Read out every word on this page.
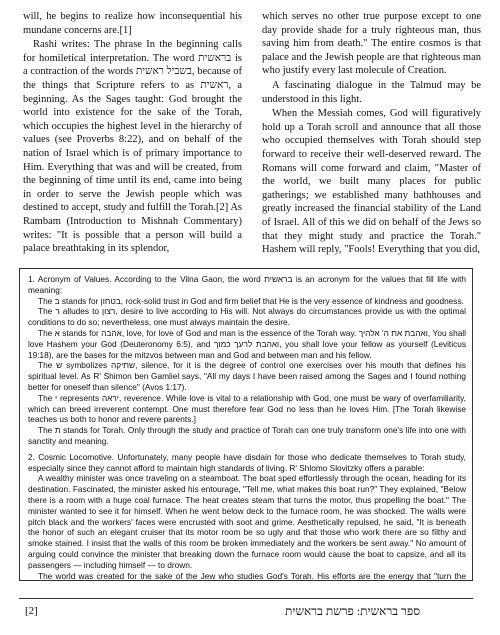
will, he begins to realize how inconsequential his mundane concerns are.[1]

Rashi writes: The phrase In the beginning calls for homiletical interpretation. The word בראשית is a contraction of the words בשביל ראשית, because of the things that Scripture refers to as ראשית, a beginning. As the Sages taught: God brought the world into existence for the sake of the Torah, which occupies the highest level in the hierarchy of values (see Proverbs 8:22), and on behalf of the nation of Israel which is of primary importance to Him. Everything that was and will be created, from the beginning of time until its end, came into being in order to serve the Jewish people which was destined to accept, study and fulfill the Torah.[2] As Rambam (Introduction to Mishnah Commentary) writes: "It is possible that a person will build a palace breathtaking in its splendor,

which serves no other true purpose except to one day provide shade for a truly righteous man, thus saving him from death." The entire cosmos is that palace and the Jewish people are that righteous man who justify every last molecule of Creation.

A fascinating dialogue in the Talmud may be understood in this light.

When the Messiah comes, God will figuratively hold up a Torah scroll and announce that all those who occupied themselves with Torah should step forward to receive their well-deserved reward. The Romans will come forward and claim, "Master of the world, we built many places for public gatherings; we established many bathhouses and greatly increased the financial stability of the Land of Israel. All of this we did on behalf of the Jews so that they might study and practice the Torah." Hashem will reply, "Fools! Everything that you did,

1. Acronym of Values. According to the Vilna Gaon, the word בראשית is an acronym for the values that fill life with meaning:

The ב stands for בטחון, rock-solid trust in God and firm belief that He is the very essence of kindness and goodness.

The ר alludes to רצון, desire to live according to His will. Not always do circumstances provide us with the optimal conditions to do so; nevertheless, one must always maintain the desire.

The א stands for אהבה, love, for love of God and man is the essence of the Torah way. ואהבת את ה' אלהיך, You shall love Hashem your God (Deuteronomy 6:5), and ואהבת לרעך כמוך, you shall love your fellow as yourself (Leviticus 19:18), are the bases for the mitzvos between man and God and between man and his fellow.

The ש symbolizes שתיקה, silence, for it is the degree of control one exercises over his mouth that defines his spiritual level. As R' Shimon ben Gamliel says, "All my days I have been raised among the Sages and I found nothing better for oneself than silence" (Avos 1:17).

The י represents יראה, reverence. While love is vital to a relationship with God, one must be wary of overfamiliarity, which can breed irreverent contempt. One must therefore fear God no less than he loves Him. [The Torah likewise teaches us both to honor and revere parents.]

The ת stands for Torah. Only through the study and practice of Torah can one truly transform one's life into one with sanctity and meaning.

2. Cosmic Locomotive. Unfortunately, many people have disdain for those who dedicate themselves to Torah study, especially since they cannot afford to maintain high standards of living. R' Shlomo Slovitzky offers a parable:

A wealthy minister was once traveling on a steamboat. The boat sped effortlessly through the ocean, heading for its destination. Fascinated, the minister asked his entourage, "Tell me, what makes this boat run?" They explained, "Below there is a room with a huge coal furnace. The heat creates steam that turns the motor, thus propelling the boat." The minister wanted to see it for himself. When he went below deck to the furnace room, he was shocked. The walls were pitch black and the workers' faces were encrusted with soot and grime. Aesthetically repulsed, he said, "It is beneath the honor of such an elegant cruiser that its motor room be so ugly and that those who work there are so filthy and smoke stained. I insist that the walls of this room be broken immediately and the workers be sent away." No amount of arguing could convince the minister that breaking down the furnace room would cause the boat to capsize, and all its passengers — including himself — to drown.

The world was created for the sake of the Jew who studies God's Torah. His efforts are the energy that "turn the

[2]	ספר בראשית: פרשת בראשית
